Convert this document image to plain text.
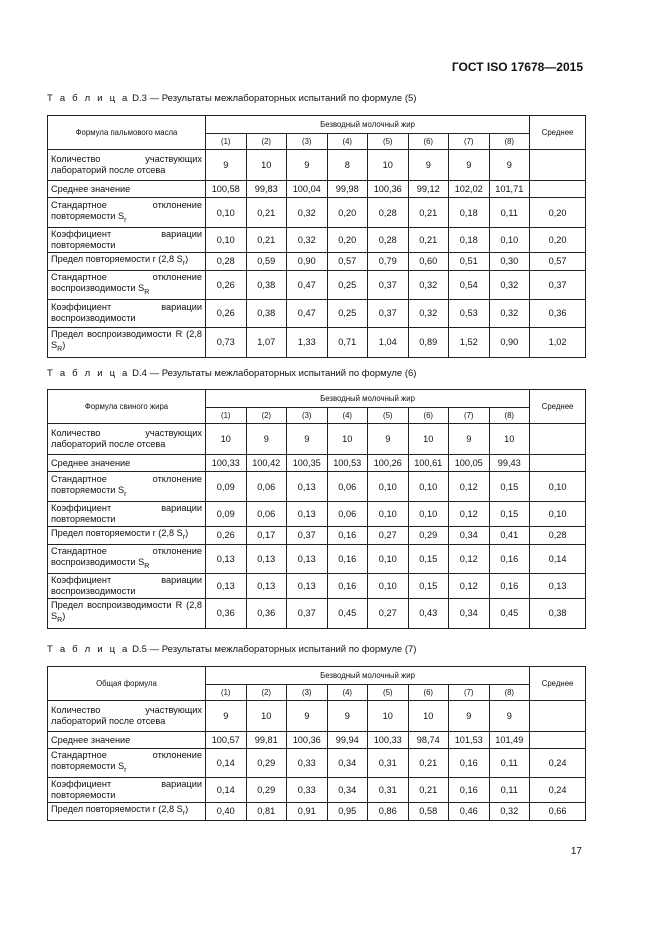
ГОСТ ISO 17678—2015
Т а б л и ц а D.3 — Результаты межлабораторных испытаний по формуле (5)
Формула пальмового масла	Безводный молочный жир								Среднее
	(1)	(2)	(3)	(4)	(5)	(6)	(7)	(8)	
Количество участвующих лабораторий после отсева	9	10	9	8	10	9	9	9	
Среднее значение	100,58	99,83	100,04	99,98	100,36	99,12	102,02	101,71	
Стандартное отклонение повторяемости $S_r$	0,10	0,21	0,32	0,20	0,28	0,21	0,18	0,11	0,20
Коэффициент вариации повторяемости	0,10	0,21	0,32	0,20	0,28	0,21	0,18	0,10	0,20
Предел повторяемости r (2,8 $S_r$)	0,28	0,59	0,90	0,57	0,79	0,60	0,51	0,30	0,57
Стандартное отклонение воспроизводимости $S_R$	0,26	0,38	0,47	0,25	0,37	0,32	0,54	0,32	0,37
Коэффициент вариации воспроизводимости	0,26	0,38	0,47	0,25	0,37	0,32	0,53	0,32	0,36
Предел воспроизводимости R (2,8 $S_R$)	0,73	1,07	1,33	0,71	1,04	0,89	1,52	0,90	1,02
Т а б л и ц а D.4 — Результаты межлабораторных испытаний по формуле (6)
Формула свиного жира	Безводный молочный жир								Среднее
	(1)	(2)	(3)	(4)	(5)	(6)	(7)	(8)	
Количество участвующих лабораторий после отсева	10	9	9	10	9	10	9	10	
Среднее значение	100,33	100,42	100,35	100,53	100,26	100,61	100,05	99,43	
Стандартное отклонение повторяемости $S_r$	0,09	0,06	0,13	0,06	0,10	0,10	0,12	0,15	0,10
Коэффициент вариации повторяемости	0,09	0,06	0,13	0,06	0,10	0,10	0,12	0,15	0,10
Предел повторяемости r (2,8 $S_r$)	0,26	0,17	0,37	0,16	0,27	0,29	0,34	0,41	0,28
Стандартное отклонение воспроизводимости $S_R$	0,13	0,13	0,13	0,16	0,10	0,15	0,12	0,16	0,14
Коэффициент вариации воспроизводимости	0,13	0,13	0,13	0,16	0,10	0,15	0,12	0,16	0,13
Предел воспроизводимости R (2,8 $S_R$)	0,36	0,36	0,37	0,45	0,27	0,43	0,34	0,45	0,38
Т а б л и ц а D.5 — Результаты межлабораторных испытаний по формуле (7)
Общая формула	Безводный молочный жир								Среднее
	(1)	(2)	(3)	(4)	(5)	(6)	(7)	(8)	
Количество участвующих лабораторий после отсева	9	10	9	9	10	10	9	9	
Среднее значение	100,57	99,81	100,36	99,94	100,33	98,74	101,53	101,49	
Стандартное отклонение повторяемости $S_r$	0,14	0,29	0,33	0,34	0,31	0,21	0,16	0,11	0,24
Коэффициент вариации повторяемости	0,14	0,29	0,33	0,34	0,31	0,21	0,16	0,11	0,24
Предел повторяемости r (2,8 $S_r$)	0,40	0,81	0,91	0,95	0,86	0,58	0,46	0,32	0,66
17
